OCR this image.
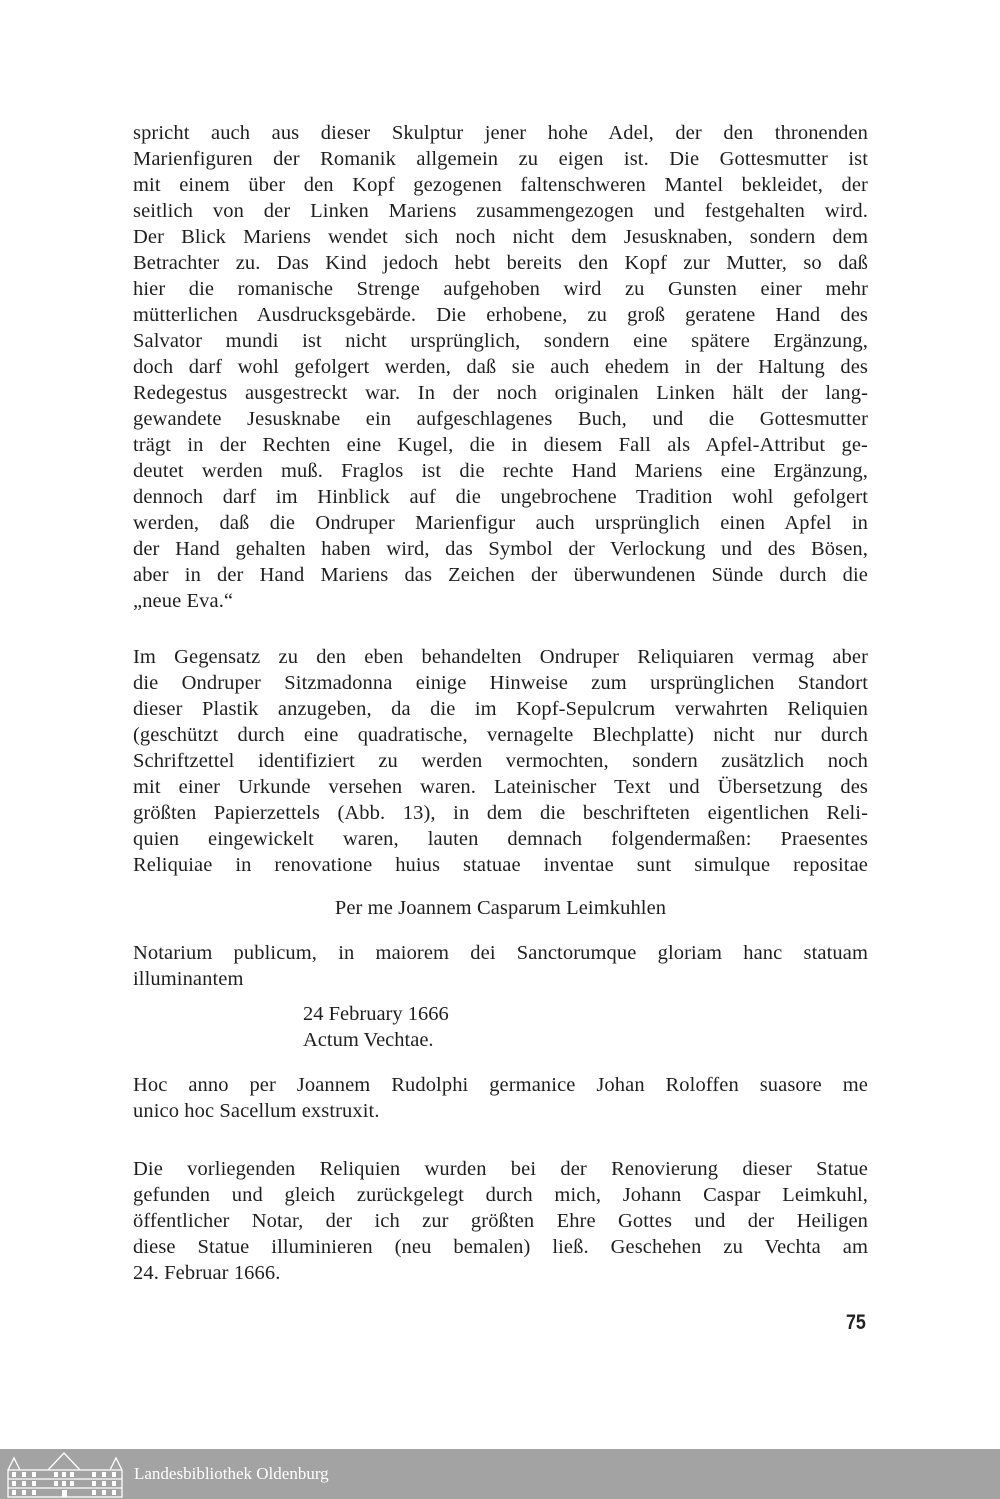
spricht auch aus dieser Skulptur jener hohe Adel, der den thronenden
Marienfiguren der Romanik allgemein zu eigen ist. Die Gottesmutter ist
mit einem über den Kopf gezogenen faltenschweren Mantel bekleidet, der
seitlich von der Linken Mariens zusammengezogen und festgehalten wird.
Der Blick Mariens wendet sich noch nicht dem Jesusknaben, sondern dem
Betrachter zu. Das Kind jedoch hebt bereits den Kopf zur Mutter, so daß
hier die romanische Strenge aufgehoben wird zu Gunsten einer mehr
mütterlichen Ausdrucksgebärde. Die erhobene, zu groß geratene Hand des
Salvator mundi ist nicht ursprünglich, sondern eine spätere Ergänzung,
doch darf wohl gefolgert werden, daß sie auch ehedem in der Haltung des
Redegestus ausgestreckt war. In der noch originalen Linken hält der lang-
gewandete Jesusknabe ein aufgeschlagenes Buch, und die Gottesmutter
trägt in der Rechten eine Kugel, die in diesem Fall als Apfel-Attribut ge-
deutet werden muß. Fraglos ist die rechte Hand Mariens eine Ergänzung,
dennoch darf im Hinblick auf die ungebrochene Tradition wohl gefolgert
werden, daß die Ondruper Marienfigur auch ursprünglich einen Apfel in
der Hand gehalten haben wird, das Symbol der Verlockung und des Bösen,
aber in der Hand Mariens das Zeichen der überwundenen Sünde durch die
„neue Eva.“
Im Gegensatz zu den eben behandelten Ondruper Reliquiaren vermag aber
die Ondruper Sitzmadonna einige Hinweise zum ursprünglichen Standort
dieser Plastik anzugeben, da die im Kopf-Sepulcrum verwahrten Reliquien
(geschützt durch eine quadratische, vernagelte Blechplatte) nicht nur durch
Schriftzettel identifiziert zu werden vermochten, sondern zusätzlich noch
mit einer Urkunde versehen waren. Lateinischer Text und Übersetzung des
größten Papierzettels (Abb. 13), in dem die beschrifteten eigentlichen Reli-
quien eingewickelt waren, lauten demnach folgendermaßen: Praesentes
Reliquiae in renovatione huius statuae inventae sunt simulque repositae
Per me Joannem Casparum Leimkuhlen
Notarium publicum, in maiorem dei Sanctorumque gloriam hanc statuam
illuminantem
24 February 1666
Actum Vechtae.
Hoc anno per Joannem Rudolphi germanice Johan Roloffen suasore me
unico hoc Sacellum exstruxit.
Die vorliegenden Reliquien wurden bei der Renovierung dieser Statue
gefunden und gleich zurückgelegt durch mich, Johann Caspar Leimkuhl,
öffentlicher Notar, der ich zur größten Ehre Gottes und der Heiligen
diese Statue illuminieren (neu bemalen) ließ. Geschehen zu Vechta am
24. Februar 1666.
75
Landesbibliothek Oldenburg
